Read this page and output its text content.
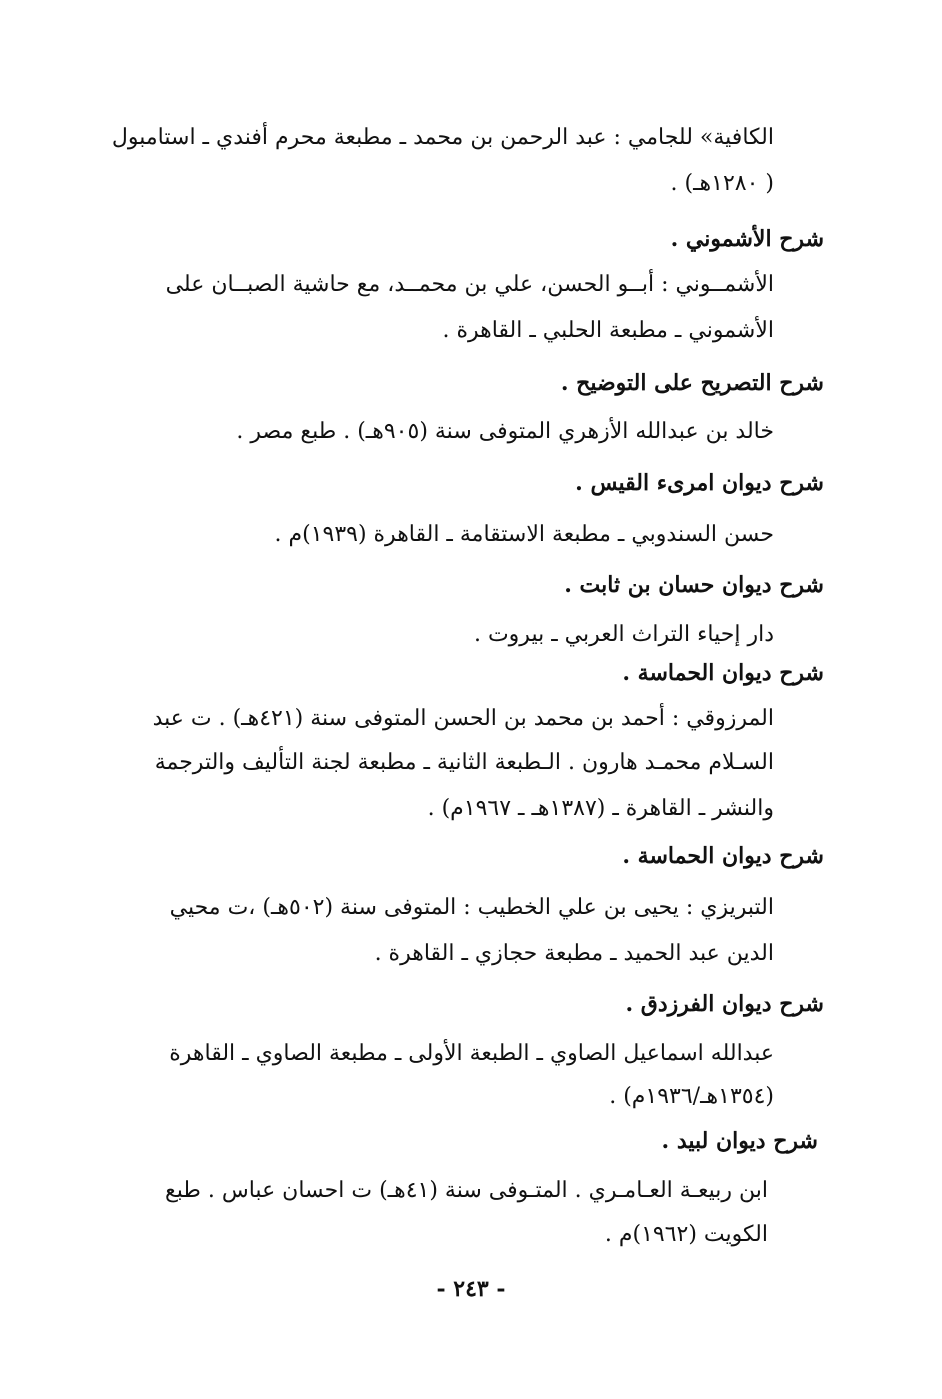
الكافية» للجامي : عبد الرحمن بن محمد ـ مطبعة محرم أفندي ـ استامبول
( ١٢٨٠هـ) .
شرح الأشموني .
الأشمــوني : أبــو الحسن، علي بن محمــد، مع حاشية الصبــان على
الأشموني ـ مطبعة الحلبي ـ القاهرة .
شرح التصريح على التوضيح .
خالد بن عبدالله الأزهري المتوفى سنة (٩٠٥هـ) . طبع مصر .
شرح ديوان امرىء القيس .
حسن السندوبي ـ مطبعة الاستقامة ـ القاهرة (١٩٣٩)م .
شرح ديوان حسان بن ثابت .
دار إحياء التراث العربي ـ بيروت .
شرح ديوان الحماسة .
المرزوقي : أحمد بن محمد بن الحسن المتوفى سنة (٤٢١هـ) . ت عبد
السـلام محمـد هارون . الـطبعة الثانية ـ مطبعة لجنة التأليف والترجمة
والنشر ـ القاهرة ـ (١٣٨٧هـ ـ ١٩٦٧م) .
شرح ديوان الحماسة .
التبريزي : يحيى بن علي الخطيب : المتوفى سنة (٥٠٢هـ) ،ت محيي
الدين عبد الحميد ـ مطبعة حجازي ـ القاهرة .
شرح ديوان الفرزدق .
عبدالله اسماعيل الصاوي ـ الطبعة الأولى ـ مطبعة الصاوي ـ القاهرة
(١٣٥٤هـ/١٩٣٦م) .
شرح ديوان لبيد .
ابن ربيعـة العـامـري . المتـوفى سنة (٤١هـ) ت احسان عباس . طبع
الكويت (١٩٦٢)م .
- ٢٤٣ -
